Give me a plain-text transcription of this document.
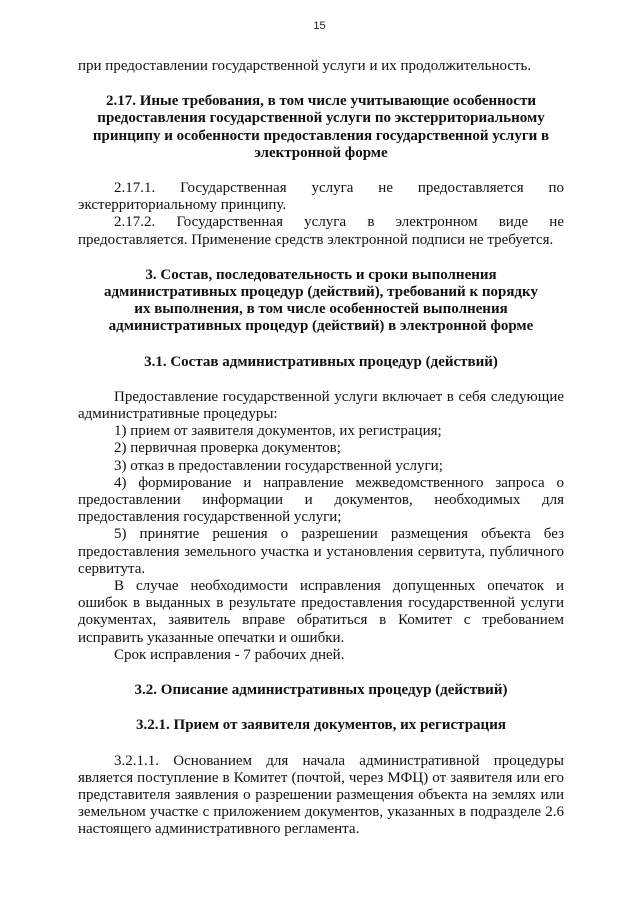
15

при предоставлении государственной услуги и их продолжительность.

2.17. Иные требования, в том числе учитывающие особенности

предоставления государственной услуги по экстерриториальному

принципу и особенности предоставления государственной услуги в

электронной форме

2.17.1. Государственная услуга не предоставляется по

экстерриториальному принципу.

2.17.2. Государственная услуга в электронном виде не

предоставляется. Применение средств электронной подписи не требуется.

3. Состав, последовательность и сроки выполнения

административных процедур (действий), требований к порядку

их выполнения, в том числе особенностей выполнения

административных процедур (действий) в электронной форме

3.1. Состав административных процедур (действий)

Предоставление государственной услуги включает в себя следующие

административные процедуры:

1) прием от заявителя документов, их регистрация;

2) первичная проверка документов;

3) отказ в предоставлении государственной услуги;

4) формирование и направление межведомственного запроса о

предоставлении информации и документов, необходимых для

предоставления государственной услуги;

5) принятие решения о разрешении размещения объекта без

предоставления земельного участка и установления сервитута, публичного

сервитута.

В случае необходимости исправления допущенных опечаток и

ошибок в выданных в результате предоставления государственной услуги

документах, заявитель вправе обратиться в Комитет с требованием

исправить указанные опечатки и ошибки.

Срок исправления - 7 рабочих дней.

3.2. Описание административных процедур (действий)

3.2.1. Прием от заявителя документов, их регистрация

3.2.1.1. Основанием для начала административной процедуры

является поступление в Комитет (почтой, через МФЦ) от заявителя или его

представителя заявления о разрешении размещения объекта на землях или

земельном участке с приложением документов, указанных в подразделе 2.6

настоящего административного регламента.
